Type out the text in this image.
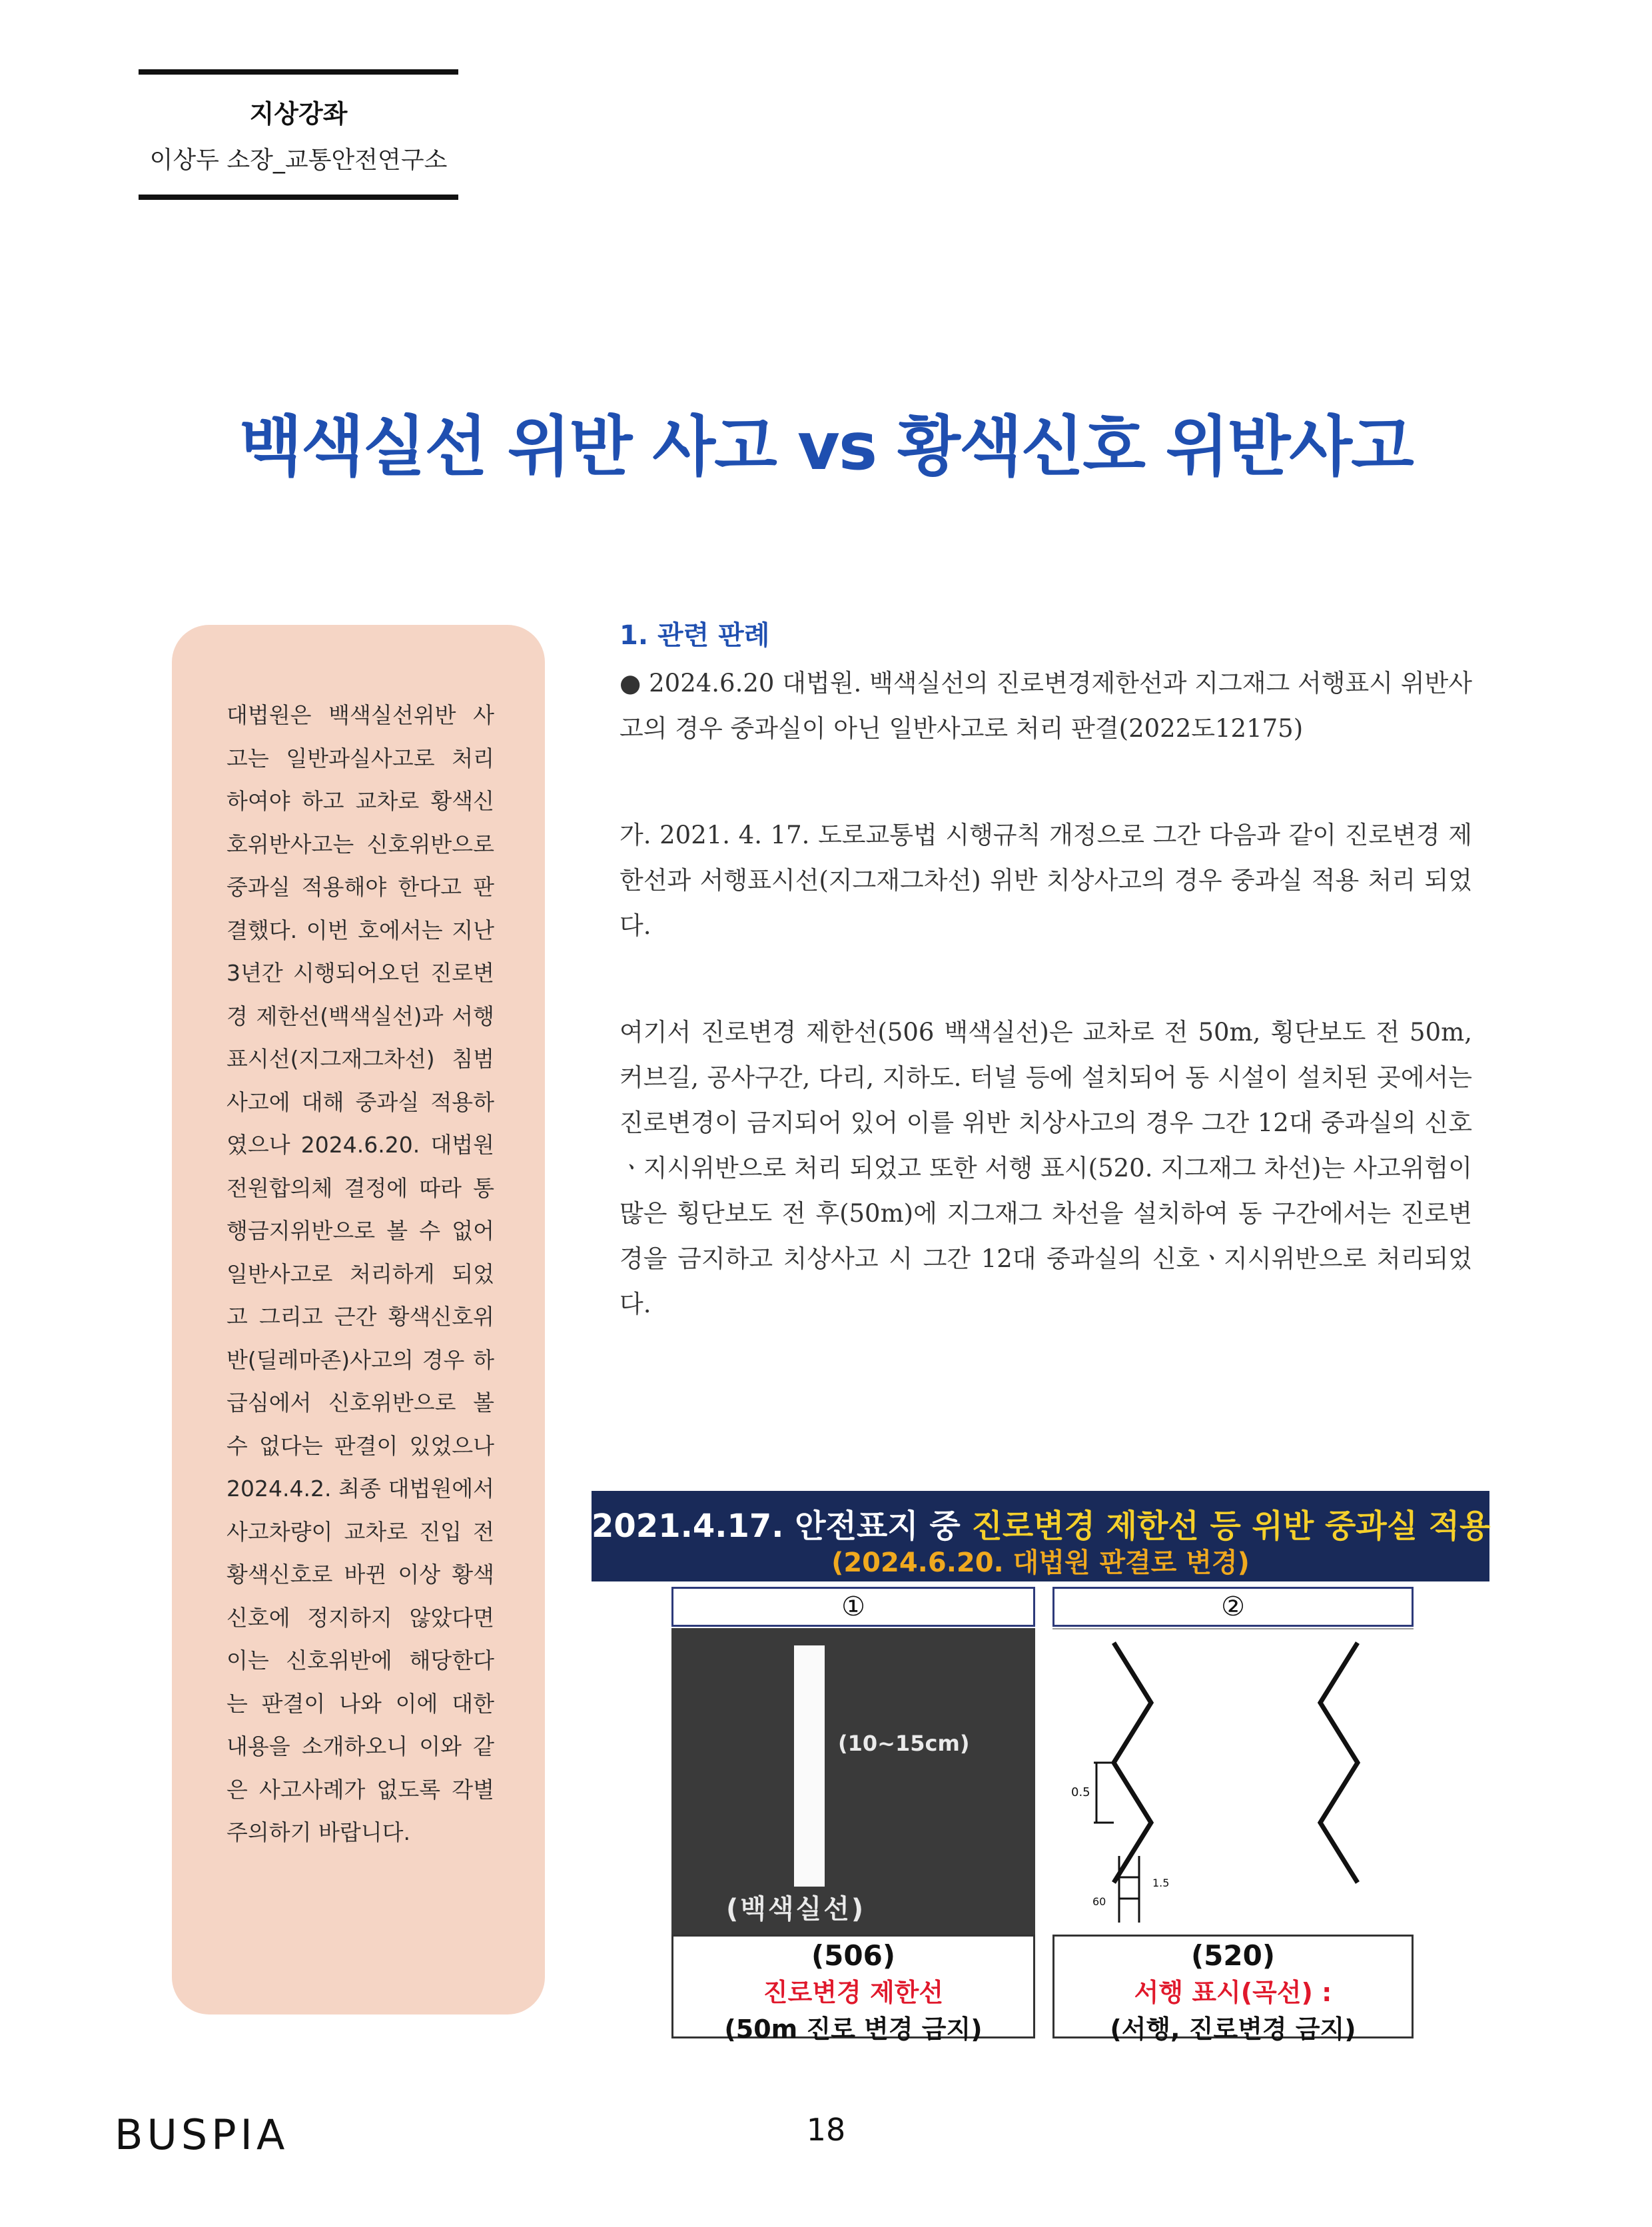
지상강좌
이상두 소장_교통안전연구소
백색실선 위반 사고 vs 황색신호 위반사고
대법원은 백색실선위반 사고는 일반과실사고로 처리하여야 하고 교차로 황색신호위반사고는 신호위반으로 중과실 적용해야 한다고 판결했다. 이번 호에서는 지난 3년간 시행되어오던 진로변경 제한선(백색실선)과 서행 표시선(지그재그차선) 침범사고에 대해 중과실 적용하였으나 2024.6.20. 대법원 전원합의체 결정에 따라 통행금지위반으로 볼 수 없어 일반사고로 처리하게 되었고 그리고 근간 황색신호위반(딜레마존)사고의 경우 하급심에서 신호위반으로 볼 수 없다는 판결이 있었으나 2024.4.2. 최종 대법원에서 사고차량이 교차로 진입 전 황색신호로 바뀐 이상 황색신호에 정지하지 않았다면 이는 신호위반에 해당한다는 판결이 나와 이에 대한 내용을 소개하오니 이와 같은 사고사례가 없도록 각별 주의하기 바랍니다.
1. 관련 판례
● 2024.6.20 대법원. 백색실선의 진로변경제한선과 지그재그 서행표시 위반사고의 경우 중과실이 아닌 일반사고로 처리 판결(2022도12175)
가. 2021. 4. 17. 도로교통법 시행규칙 개정으로 그간 다음과 같이 진로변경 제한선과 서행표시선(지그재그차선) 위반 치상사고의 경우 중과실 적용 처리 되었다.
여기서 진로변경 제한선(506 백색실선)은 교차로 전 50m, 횡단보도 전 50m, 커브길, 공사구간, 다리, 지하도. 터널 등에 설치되어 동 시설이 설치된 곳에서는 진로변경이 금지되어 있어 이를 위반 치상사고의 경우 그간 12대 중과실의 신호ㆍ지시위반으로 처리 되었고 또한 서행 표시(520. 지그재그 차선)는 사고위험이 많은 횡단보도 전 후(50m)에 지그재그 차선을 설치하여 동 구간에서는 진로변경을 금지하고 치상사고 시 그간 12대 중과실의 신호ㆍ지시위반으로 처리되었다.
2021.4.17. 안전표지 중 진로변경 제한선 등 위반 중과실 적용
(2024.6.20. 대법원 판결로 변경)
①	②
(10~15cm)
(백색실선)
0.5
1.5
60
(506)
진로변경 제한선
(50m 진로 변경 금지)
(520)
서행 표시(곡선) :
(서행, 진로변경 금지)
BUSPIA	18
